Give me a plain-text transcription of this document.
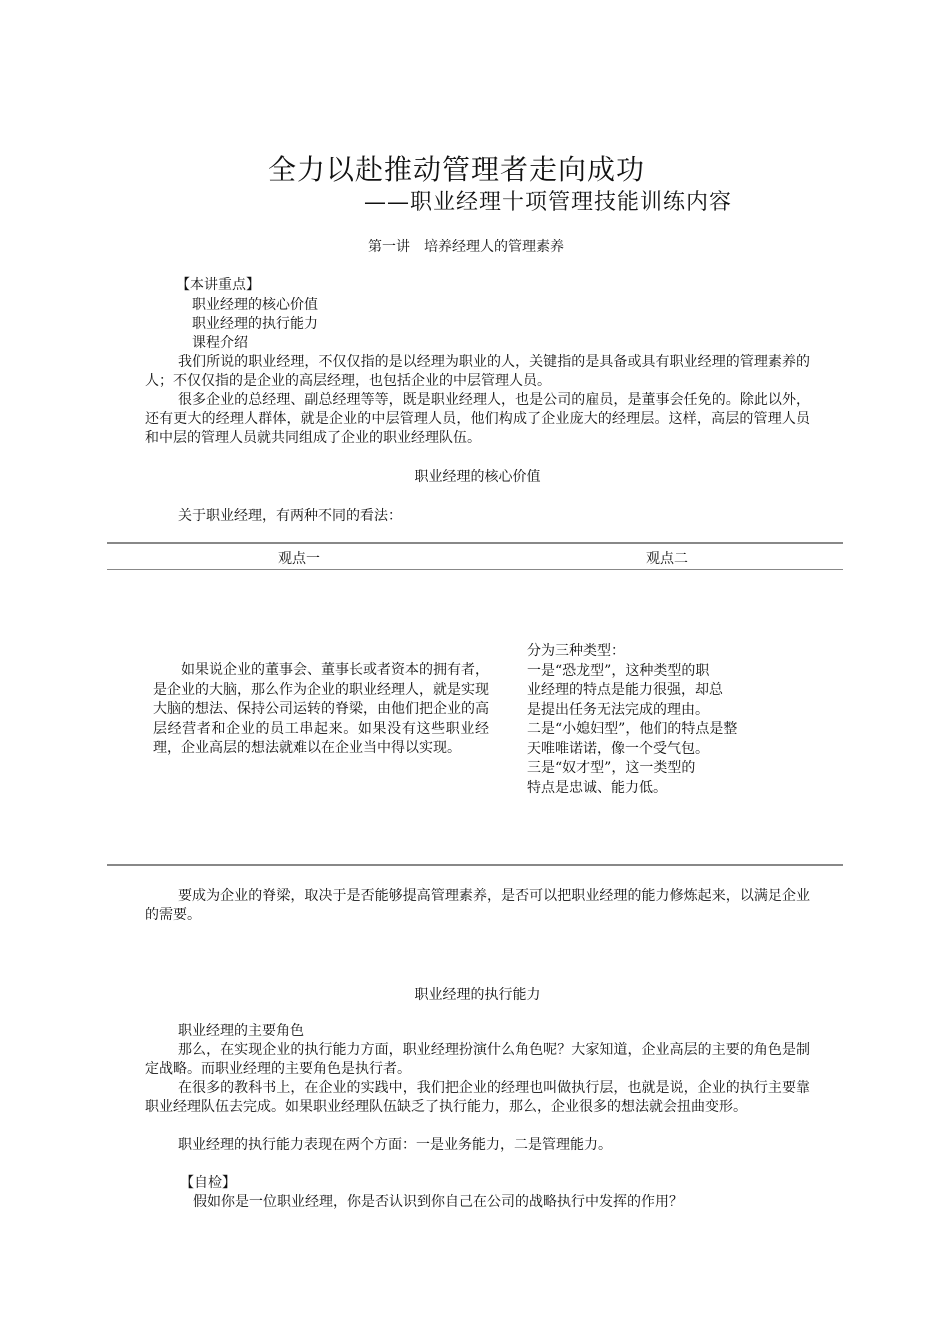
全力以赴推动管理者走向成功
——职业经理十项管理技能训练内容
第一讲　培养经理人的管理素养
【本讲重点】
职业经理的核心价值
职业经理的执行能力
课程介绍
我们所说的职业经理，不仅仅指的是以经理为职业的人，关键指的是具备或具有职业经理的管理素养的人；不仅仅指的是企业的高层经理，也包括企业的中层管理人员。
很多企业的总经理、副总经理等等，既是职业经理人，也是公司的雇员，是董事会任免的。除此以外，还有更大的经理人群体，就是企业的中层管理人员，他们构成了企业庞大的经理层。这样，高层的管理人员和中层的管理人员就共同组成了企业的职业经理队伍。
职业经理的核心价值
关于职业经理，有两种不同的看法：
观点一	观点二
　　如果说企业的董事会、董事长或者资本的拥有者，是企业的大脑，那么作为企业的职业经理人，就是实现大脑的想法、保持公司运转的脊梁，由他们把企业的高层经营者和企业的员工串起来。如果没有这些职业经理，企业高层的想法就难以在企业当中得以实现。
分为三种类型：
一是“恐龙型”，这种类型的职
业经理的特点是能力很强，却总
是提出任务无法完成的理由。
二是“小媳妇型”，他们的特点是整
天唯唯诺诺，像一个受气包。
三是“奴才型”，这一类型的
特点是忠诚、能力低。
要成为企业的脊梁，取决于是否能够提高管理素养，是否可以把职业经理的能力修炼起来，以满足企业的需要。
职业经理的执行能力
职业经理的主要角色
那么，在实现企业的执行能力方面，职业经理扮演什么角色呢？大家知道，企业高层的主要的角色是制定战略。而职业经理的主要角色是执行者。
在很多的教科书上，在企业的实践中，我们把企业的经理也叫做执行层，也就是说，企业的执行主要靠职业经理队伍去完成。如果职业经理队伍缺乏了执行能力，那么，企业很多的想法就会扭曲变形。
职业经理的执行能力表现在两个方面：一是业务能力，二是管理能力。
【自检】
假如你是一位职业经理，你是否认识到你自己在公司的战略执行中发挥的作用？
